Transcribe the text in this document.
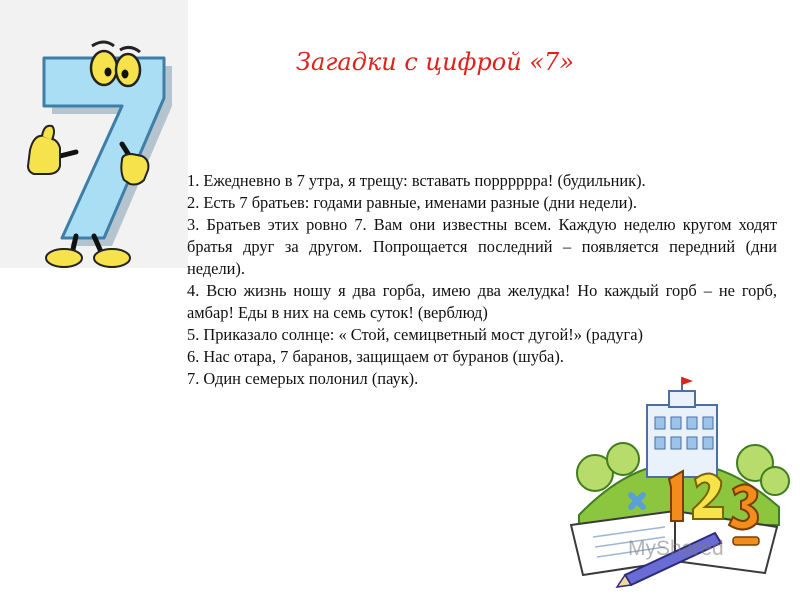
Загадки с цифрой «7»
1. Ежедневно в 7 утра, я трещу: вставать порррррра! (будильник).
2. Есть 7 братьев: годами равные, именами разные (дни недели).
3. Братьев этих ровно 7. Вам они известны всем. Каждую неделю кругом ходят братья друг за другом. Попрощается последний – появляется передний (дни недели).
4. Всю жизнь ношу я два горба, имею два желудка! Но каждый горб – не горб, амбар! Еды в них на семь суток! (верблюд)
5. Приказало солнце: « Стой, семицветный мост дугой!» (радуга)
6. Нас отара, 7 баранов, защищаем от буранов (шуба).
7. Один семерых полонил (паук).
MyShared
